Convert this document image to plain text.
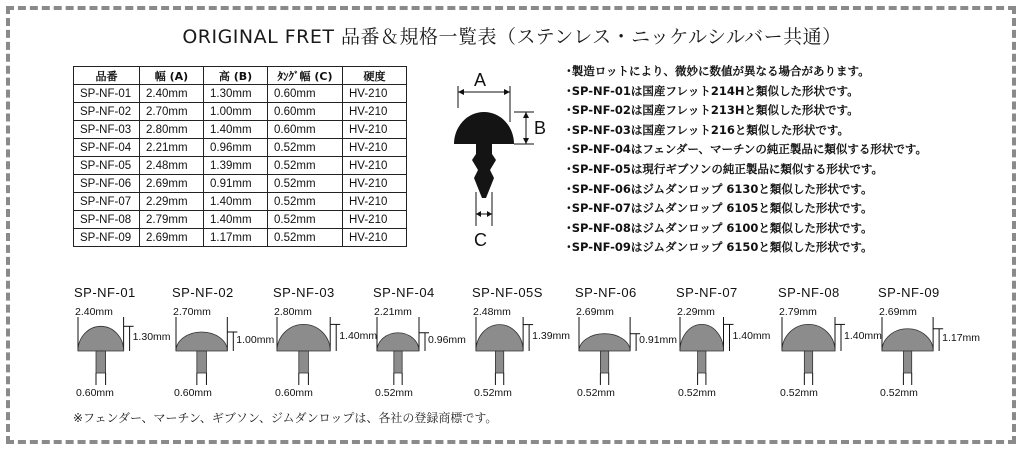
ORIGINAL FRET 品番＆規格一覧表（ステンレス・ニッケルシルバー共通）
品番	幅 (A)	高 (B)	ﾀﾝｸﾞ幅 (C)	硬度
SP-NF-01	2.40mm	1.30mm	0.60mm	HV-210
SP-NF-02	2.70mm	1.00mm	0.60mm	HV-210
SP-NF-03	2.80mm	1.40mm	0.60mm	HV-210
SP-NF-04	2.21mm	0.96mm	0.52mm	HV-210
SP-NF-05	2.48mm	1.39mm	0.52mm	HV-210
SP-NF-06	2.69mm	0.91mm	0.52mm	HV-210
SP-NF-07	2.29mm	1.40mm	0.52mm	HV-210
SP-NF-08	2.79mm	1.40mm	0.52mm	HV-210
SP-NF-09	2.69mm	1.17mm	0.52mm	HV-210
A
B
C
･製造ロットにより、微妙に数値が異なる場合があります。
･SP-NF-01は国産フレット214Hと類似した形状です。
･SP-NF-02は国産フレット213Hと類似した形状です。
･SP-NF-03は国産フレット216と類似した形状です。
･SP-NF-04はフェンダー、マーチンの純正製品に類似する形状です。
･SP-NF-05は現行ギブソンの純正製品に類似する形状です。
･SP-NF-06はジムダンロップ 6130と類似した形状です。
･SP-NF-07はジムダンロップ 6105と類似した形状です。
･SP-NF-08はジムダンロップ 6100と類似した形状です。
･SP-NF-09はジムダンロップ 6150と類似した形状です。
SP-NF-01
2.40mm
1.30mm
0.60mm
SP-NF-02
2.70mm
1.00mm
0.60mm
SP-NF-03
2.80mm
1.40mm
0.60mm
SP-NF-04
2.21mm
0.96mm
0.52mm
SP-NF-05S
2.48mm
1.39mm
0.52mm
SP-NF-06
2.69mm
0.91mm
0.52mm
SP-NF-07
2.29mm
1.40mm
0.52mm
SP-NF-08
2.79mm
1.40mm
0.52mm
SP-NF-09
2.69mm
1.17mm
0.52mm
※フェンダー、マーチン、ギブソン、ジムダンロップは、各社の登録商標です。
